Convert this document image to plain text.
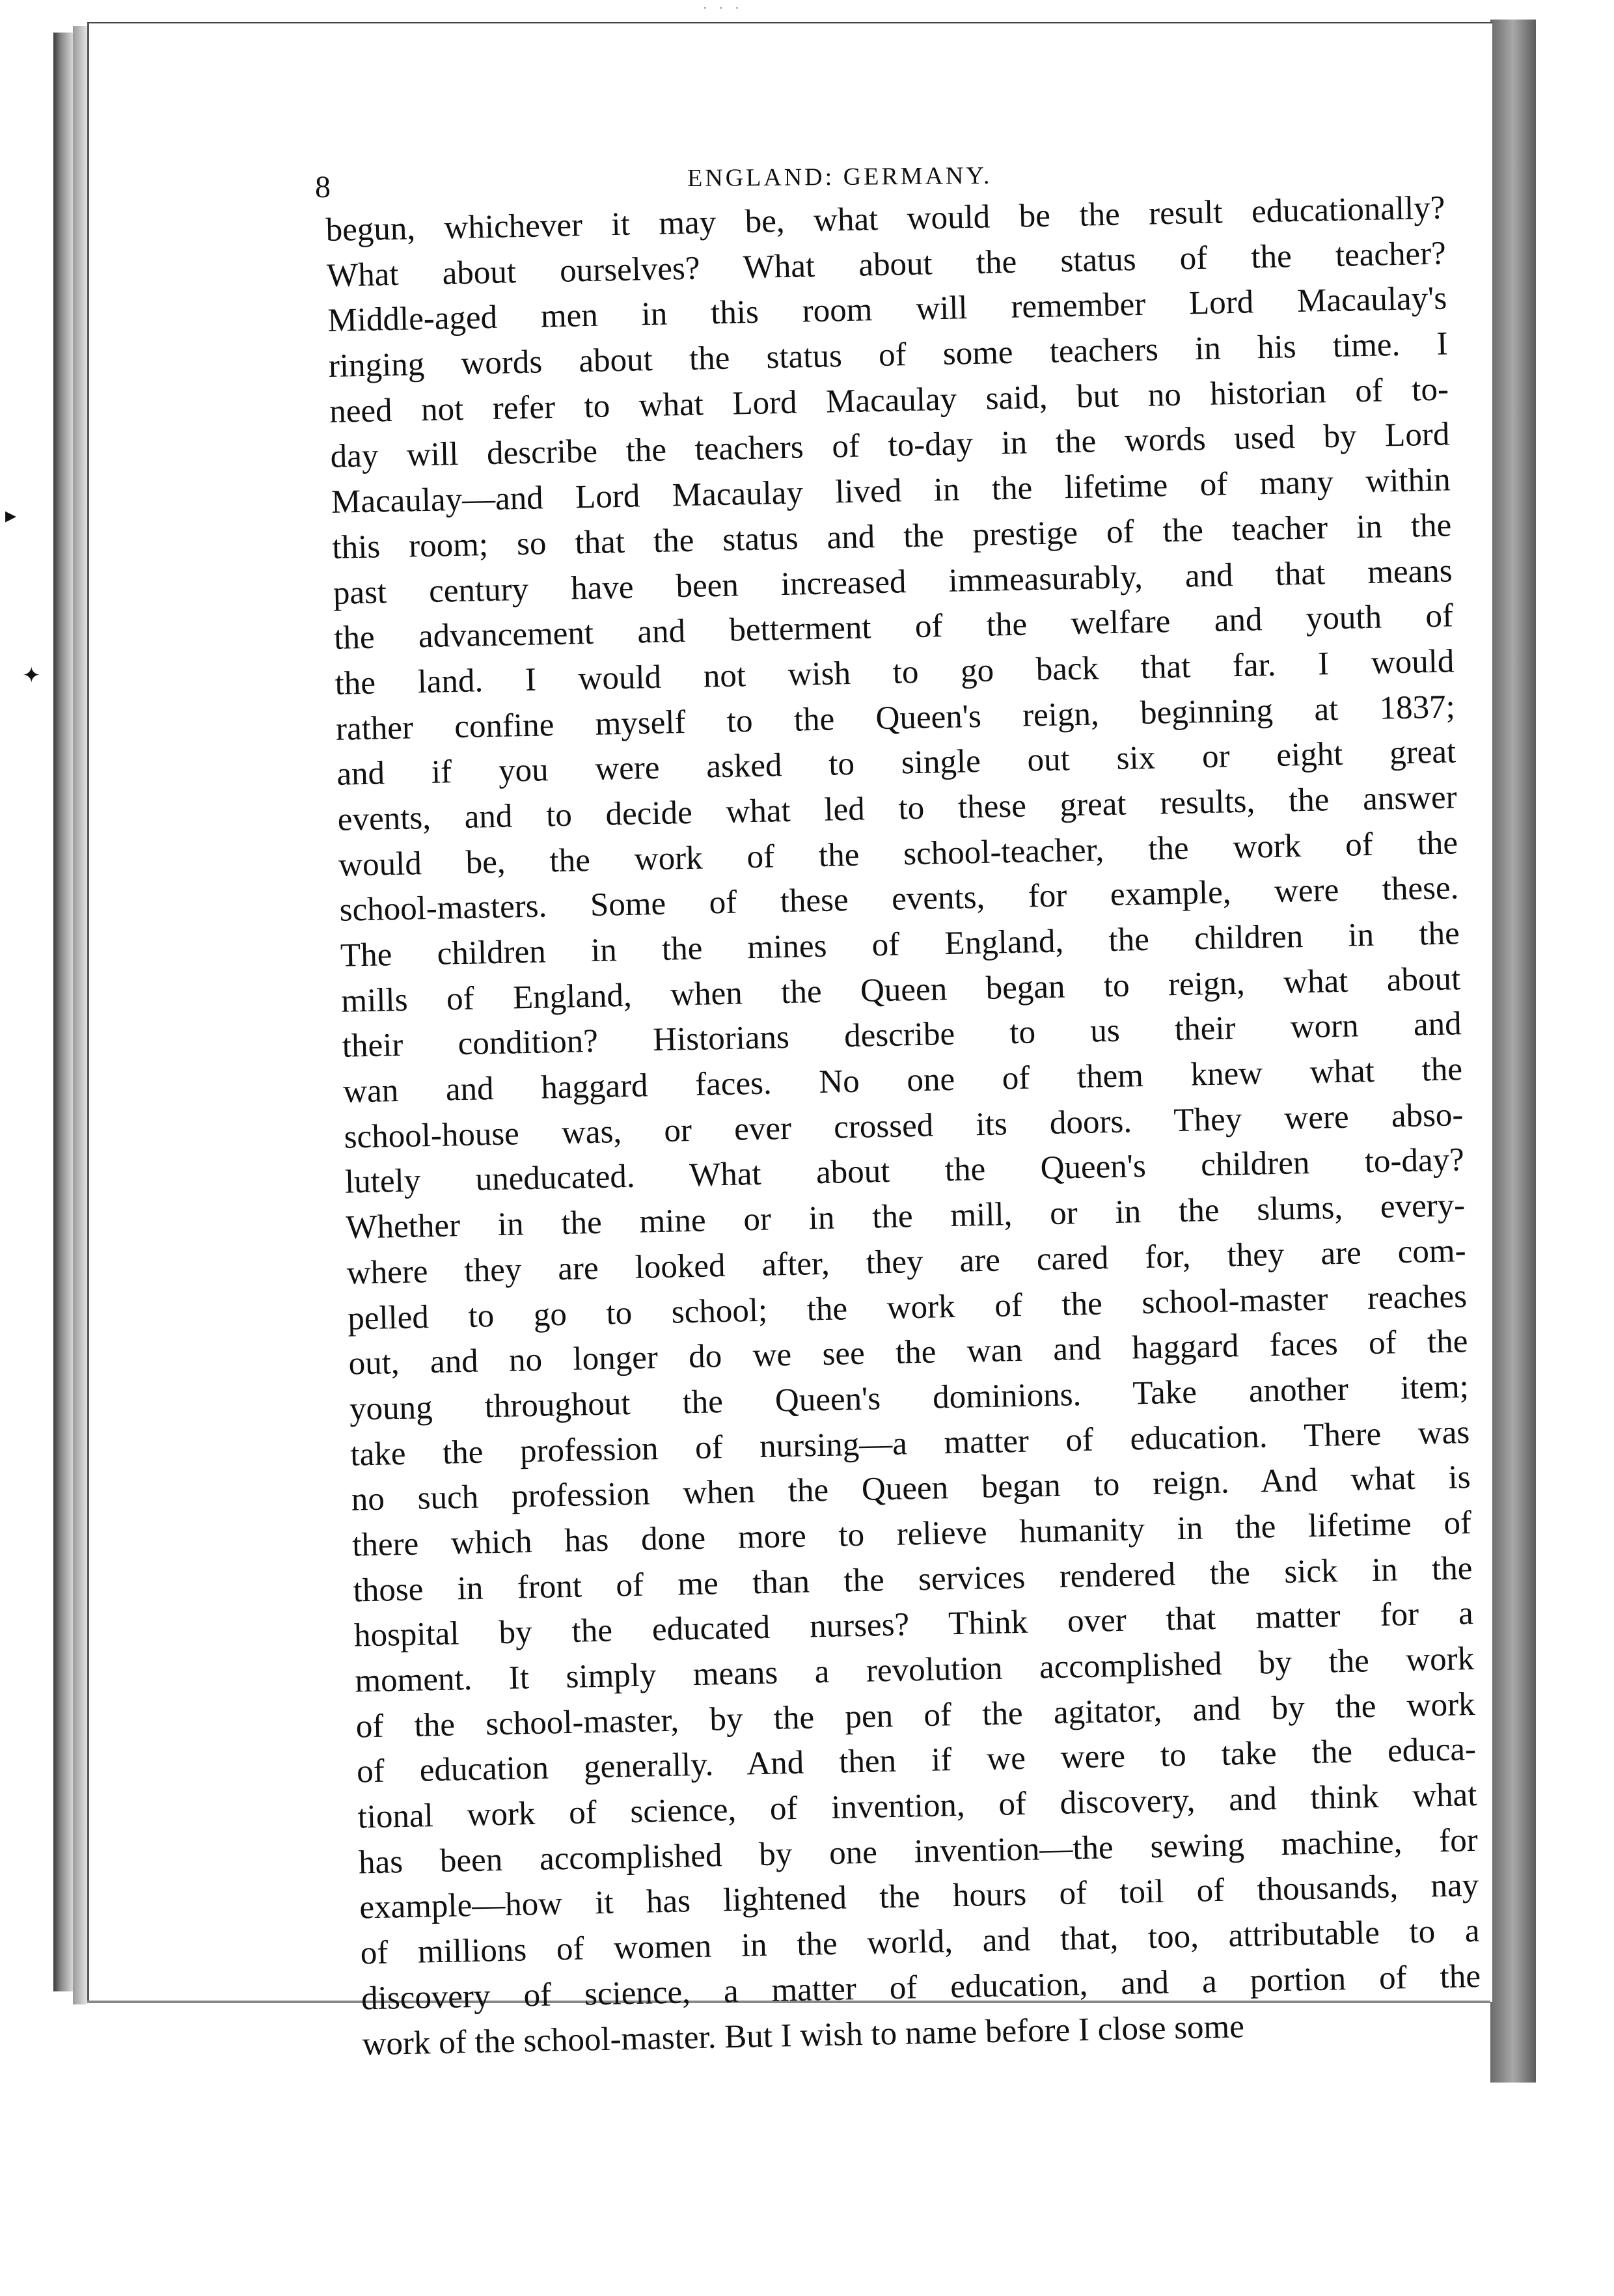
· · ·
▸
✦
8	ENGLAND: GERMANY.
begun, whichever it may be, what would be the result educationally?
What about ourselves? What about the status of the teacher?
Middle-aged men in this room will remember Lord Macaulay's
ringing words about the status of some teachers in his time. I
need not refer to what Lord Macaulay said, but no historian of to-
day will describe the teachers of to-day in the words used by Lord
Macaulay—and Lord Macaulay lived in the lifetime of many within
this room; so that the status and the prestige of the teacher in the
past century have been increased immeasurably, and that means
the advancement and betterment of the welfare and youth of
the land. I would not wish to go back that far. I would
rather confine myself to the Queen's reign, beginning at 1837;
and if you were asked to single out six or eight great
events, and to decide what led to these great results, the answer
would be, the work of the school-teacher, the work of the
school-masters. Some of these events, for example, were these.
The children in the mines of England, the children in the
mills of England, when the Queen began to reign, what about
their condition? Historians describe to us their worn and
wan and haggard faces. No one of them knew what the
school-house was, or ever crossed its doors. They were abso-
lutely uneducated. What about the Queen's children to-day?
Whether in the mine or in the mill, or in the slums, every-
where they are looked after, they are cared for, they are com-
pelled to go to school; the work of the school-master reaches
out, and no longer do we see the wan and haggard faces of the
young throughout the Queen's dominions. Take another item;
take the profession of nursing—a matter of education. There was
no such profession when the Queen began to reign. And what is
there which has done more to relieve humanity in the lifetime of
those in front of me than the services rendered the sick in the
hospital by the educated nurses? Think over that matter for a
moment. It simply means a revolution accomplished by the work
of the school-master, by the pen of the agitator, and by the work
of education generally. And then if we were to take the educa-
tional work of science, of invention, of discovery, and think what
has been accomplished by one invention—the sewing machine, for
example—how it has lightened the hours of toil of thousands, nay
of millions of women in the world, and that, too, attributable to a
discovery of science, a matter of education, and a portion of the
work of the school-master. But I wish to name before I close some
